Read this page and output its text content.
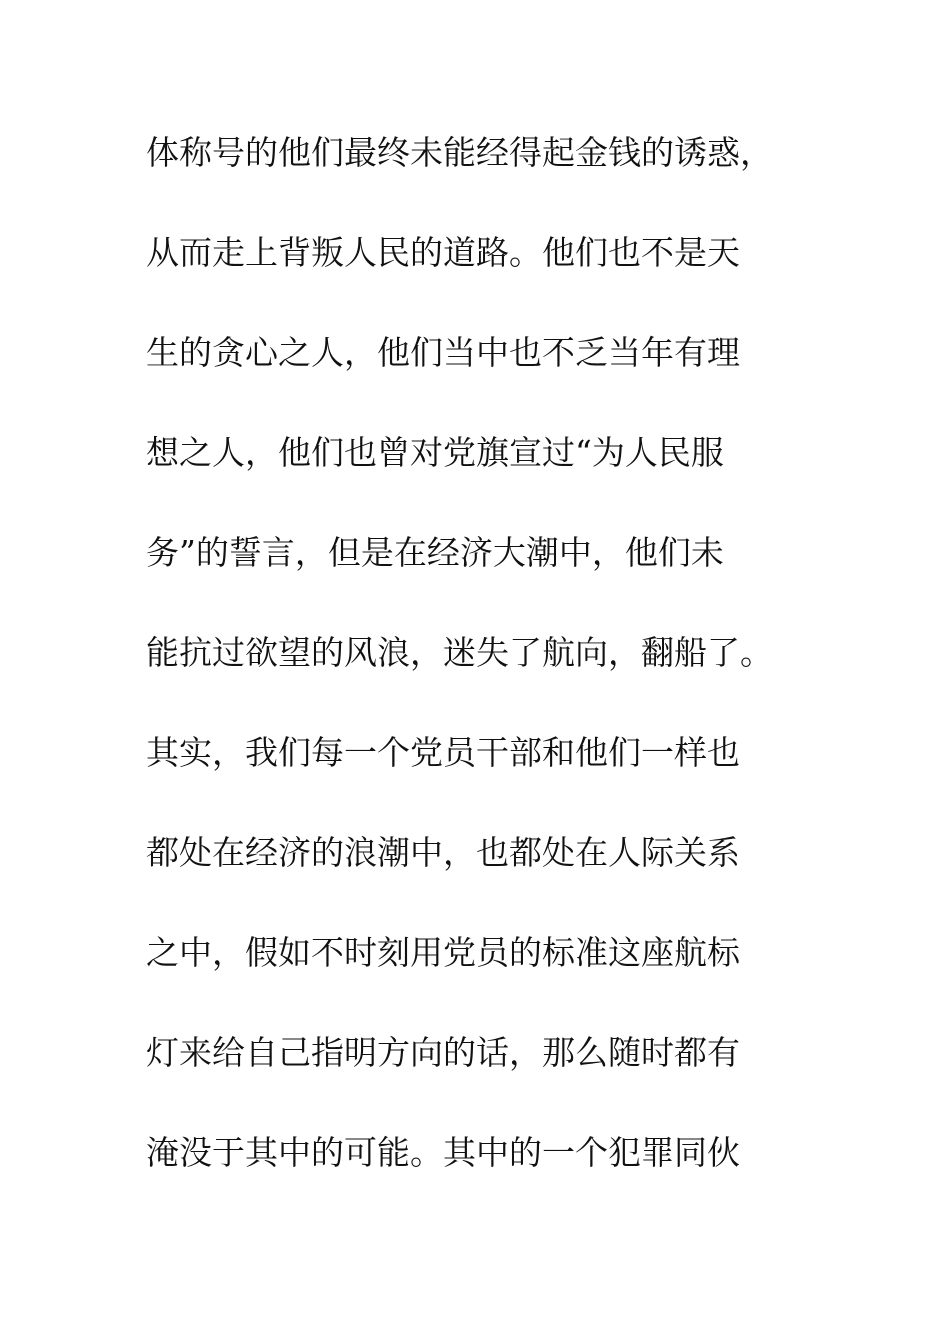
体称号的他们最终未能经得起金钱的诱惑，
从而走上背叛人民的道路。他们也不是天
生的贪心之人，他们当中也不乏当年有理
想之人，他们也曾对党旗宣过“为人民服
务”的誓言，但是在经济大潮中，他们未
能抗过欲望的风浪，迷失了航向，翻船了。
其实，我们每一个党员干部和他们一样也
都处在经济的浪潮中，也都处在人际关系
之中，假如不时刻用党员的标准这座航标
灯来给自己指明方向的话，那么随时都有
淹没于其中的可能。其中的一个犯罪同伙
